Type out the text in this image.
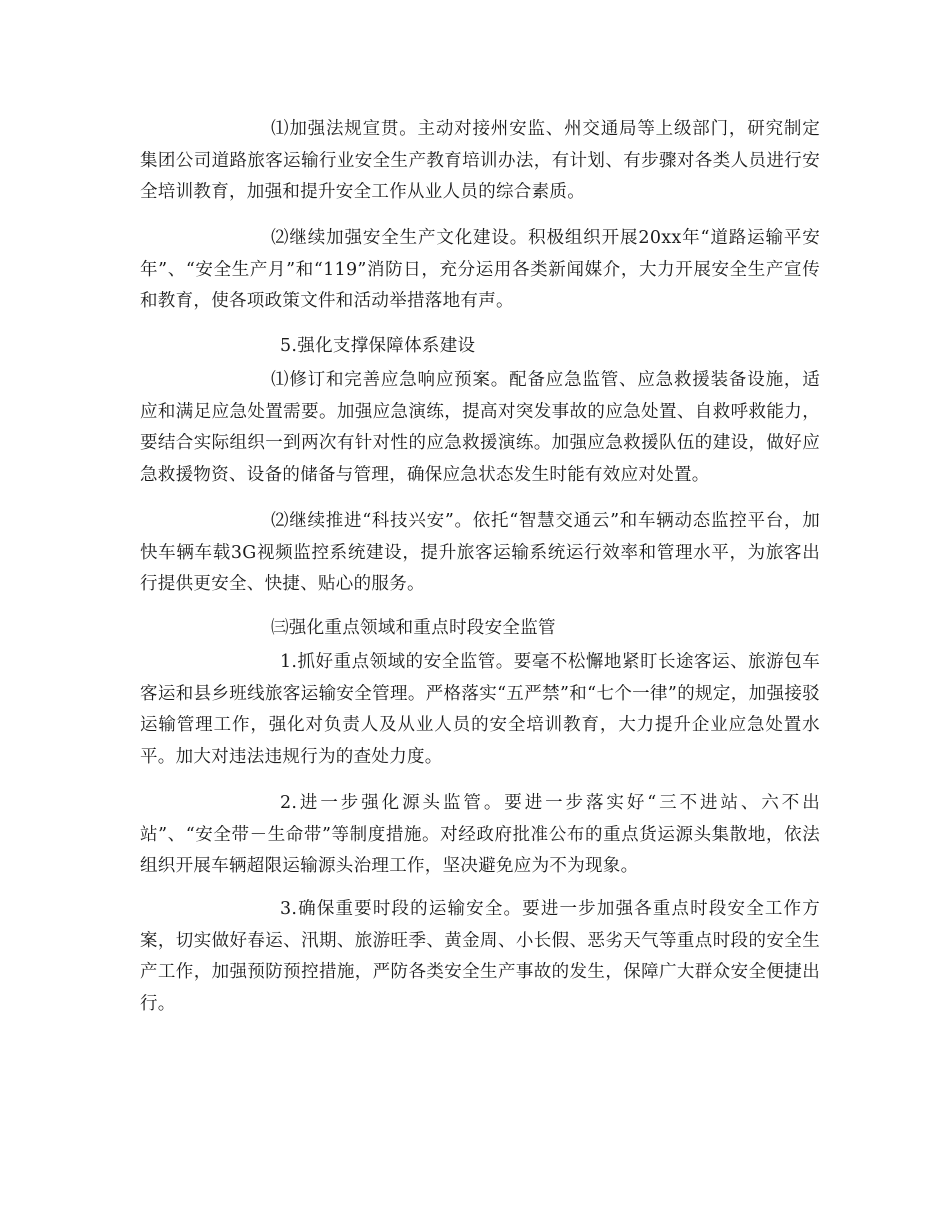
⑴加强法规宣贯。主动对接州安监、州交通局等上级部门，研究制定集团公司道路旅客运输行业安全生产教育培训办法，有计划、有步骤对各类人员进行安全培训教育，加强和提升安全工作从业人员的综合素质。

⑵继续加强安全生产文化建设。积极组织开展20xx年“道路运输平安年”、“安全生产月”和“119”消防日，充分运用各类新闻媒介，大力开展安全生产宣传和教育，使各项政策文件和活动举措落地有声。

5.强化支撑保障体系建设

⑴修订和完善应急响应预案。配备应急监管、应急救援装备设施，适应和满足应急处置需要。加强应急演练，提高对突发事故的应急处置、自救呼救能力，要结合实际组织一到两次有针对性的应急救援演练。加强应急救援队伍的建设，做好应急救援物资、设备的储备与管理，确保应急状态发生时能有效应对处置。

⑵继续推进“科技兴安”。依托“智慧交通云”和车辆动态监控平台，加快车辆车载3G视频监控系统建设，提升旅客运输系统运行效率和管理水平，为旅客出行提供更安全、快捷、贴心的服务。

㈢强化重点领域和重点时段安全监管

1.抓好重点领域的安全监管。要毫不松懈地紧盯长途客运、旅游包车客运和县乡班线旅客运输安全管理。严格落实“五严禁”和“七个一律”的规定，加强接驳运输管理工作，强化对负责人及从业人员的安全培训教育，大力提升企业应急处置水平。加大对违法违规行为的查处力度。

2.进一步强化源头监管。要进一步落实好“三不进站、六不出站”、“安全带－生命带”等制度措施。对经政府批准公布的重点货运源头集散地，依法组织开展车辆超限运输源头治理工作，坚决避免应为不为现象。

3.确保重要时段的运输安全。要进一步加强各重点时段安全工作方案，切实做好春运、汛期、旅游旺季、黄金周、小长假、恶劣天气等重点时段的安全生产工作，加强预防预控措施，严防各类安全生产事故的发生，保障广大群众安全便捷出行。
